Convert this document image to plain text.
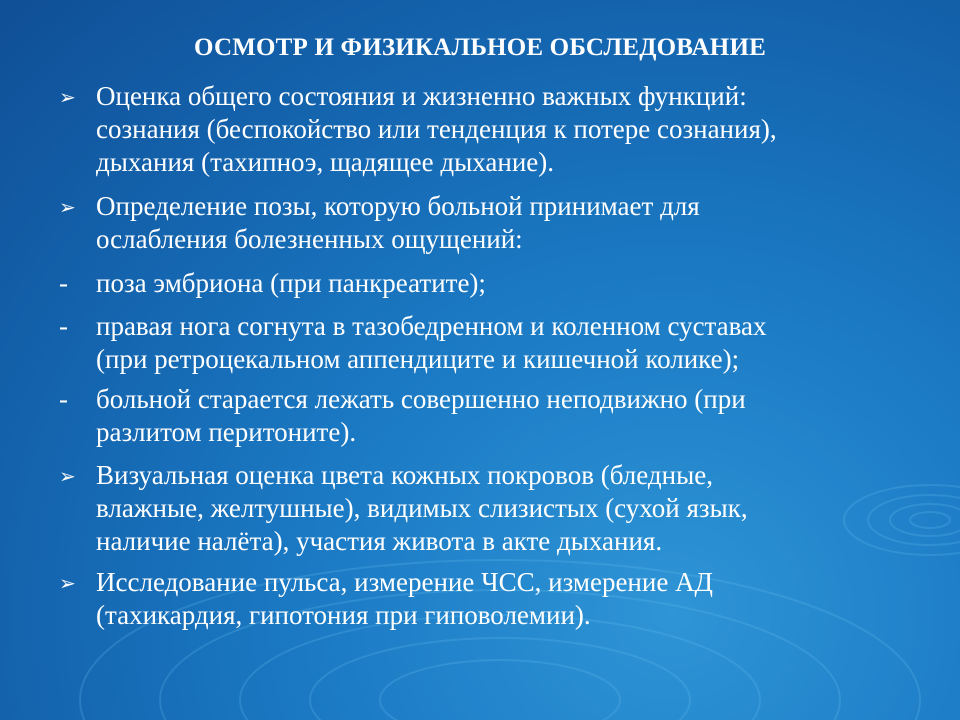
ОСМОТР И ФИЗИКАЛЬНОЕ ОБСЛЕДОВАНИЕ
➢ Оценка общего состояния и жизненно важных функций:
сознания (беспокойство или тенденция к потере сознания),
дыхания (тахипноэ, щадящее дыхание).
➢ Определение позы, которую больной принимает для
ослабления болезненных ощущений:
- поза эмбриона (при панкреатите);
- правая нога согнута в тазобедренном и коленном суставах
(при ретроцекальном аппендиците и кишечной колике);
- больной старается лежать совершенно неподвижно (при
разлитом перитоните).
➢ Визуальная оценка цвета кожных покровов (бледные,
влажные, желтушные), видимых слизистых (сухой язык,
наличие налёта), участия живота в акте дыхания.
➢ Исследование пульса, измерение ЧСС, измерение АД
(тахикардия, гипотония при гиповолемии).
